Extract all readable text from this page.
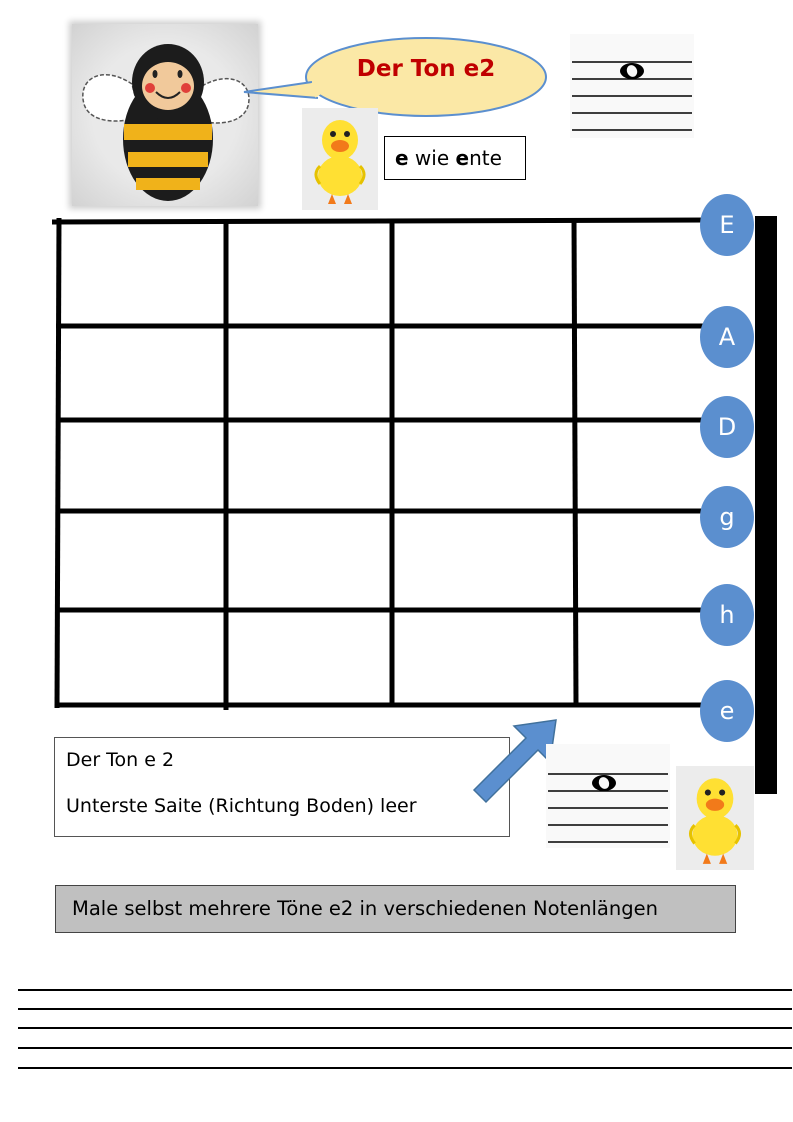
Der Ton e2
e wie ente
E
A
D
g
h
e
Der Ton e 2
Unterste Saite (Richtung Boden) leer
Male selbst mehrere Töne e2 in verschiedenen Notenlängen
